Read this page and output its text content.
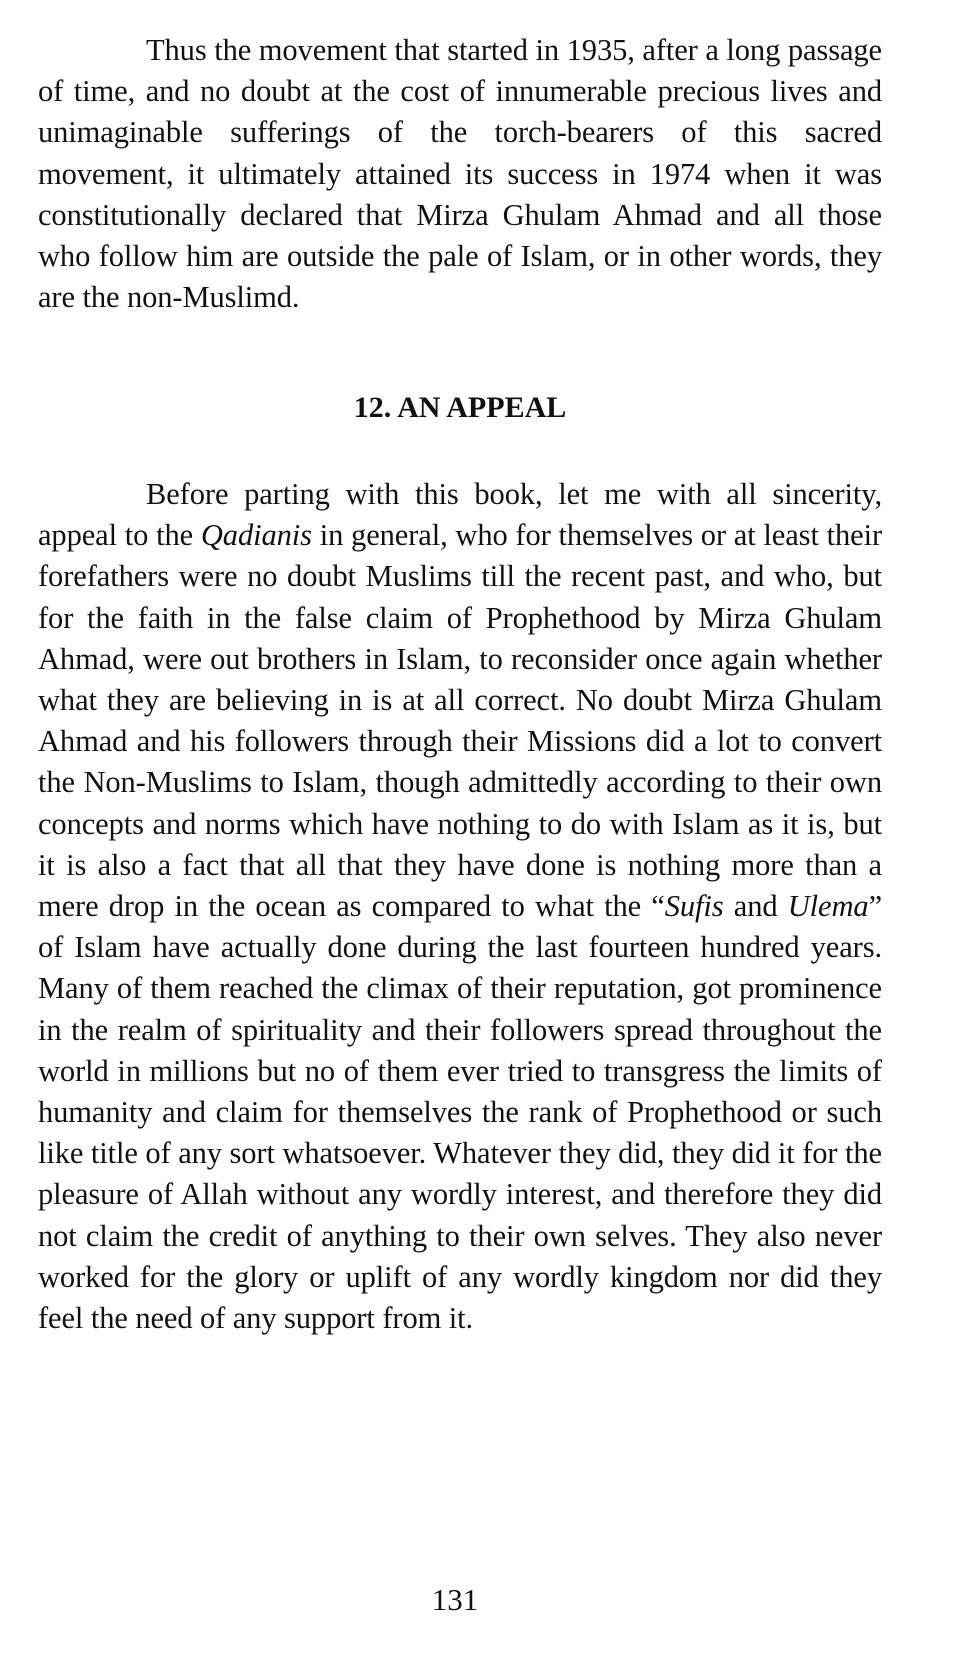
Thus the movement that started in 1935, after a long passage of time, and no doubt at the cost of innumerable precious lives and unimaginable sufferings of the torch-bearers of this sacred movement, it ultimately attained its success in 1974 when it was constitutionally declared that Mirza Ghulam Ahmad and all those who follow him are outside the pale of Islam, or in other words, they are the non-Muslimd.

12. AN APPEAL

Before parting with this book, let me with all sincerity, appeal to the Qadianis in general, who for themselves or at least their forefathers were no doubt Muslims till the recent past, and who, but for the faith in the false claim of Prophethood by Mirza Ghulam Ahmad, were out brothers in Islam, to reconsider once again whether what they are believing in is at all correct. No doubt Mirza Ghulam Ahmad and his followers through their Missions did a lot to convert the Non-Muslims to Islam, though admittedly according to their own concepts and norms which have nothing to do with Islam as it is, but it is also a fact that all that they have done is nothing more than a mere drop in the ocean as compared to what the “Sufis and Ulema” of Islam have actually done during the last fourteen hundred years. Many of them reached the climax of their reputation, got prominence in the realm of spirituality and their followers spread throughout the world in millions but no of them ever tried to transgress the limits of humanity and claim for themselves the rank of Prophethood or such like title of any sort whatsoever. Whatever they did, they did it for the pleasure of Allah without any wordly interest, and therefore they did not claim the credit of anything to their own selves. They also never worked for the glory or uplift of any wordly kingdom nor did they feel the need of any support from it.

131
